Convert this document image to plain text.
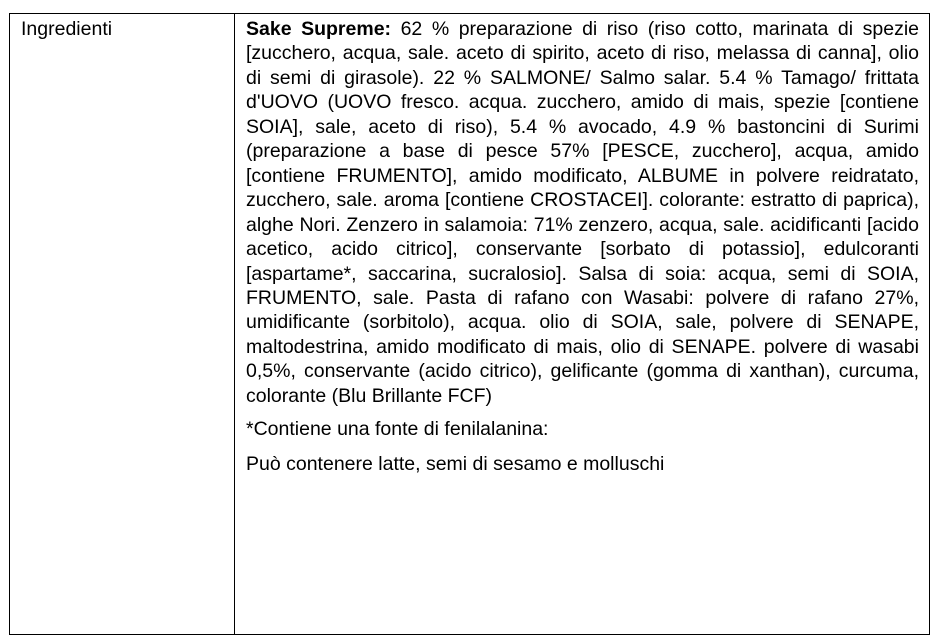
Ingredienti	Sake Supreme: 62 % preparazione di riso (riso cotto, marinata di spezie [zucchero, acqua, sale. aceto di spirito, aceto di riso, melassa di canna], olio di semi di girasole). 22 % SALMONE/ Salmo salar. 5.4 % Tamago/ frittata d'UOVO (UOVO fresco. acqua. zucchero, amido di mais, spezie [contiene SOIA], sale, aceto di riso), 5.4 % avocado, 4.9 % bastoncini di Surimi (preparazione a base di pesce 57% [PESCE, zucchero], acqua, amido [contiene FRUMENTO], amido modificato, ALBUME in polvere reidratato, zucchero, sale. aroma [contiene CROSTACEI]. colorante: estratto di paprica), alghe Nori. Zenzero in salamoia: 71% zenzero, acqua, sale. acidificanti [acido acetico, acido citrico], conservante [sorbato di potassio], edulcoranti [aspartame*, saccarina, sucralosio]. Salsa di soia: acqua, semi di SOIA, FRUMENTO, sale. Pasta di rafano con Wasabi: polvere di rafano 27%, umidificante (sorbitolo), acqua. olio di SOIA, sale, polvere di SENAPE, maltodestrina, amido modificato di mais, olio di SENAPE. polvere di wasabi 0,5%, conservante (acido citrico), gelificante (gomma di xanthan), curcuma, colorante (Blu Brillante FCF)

*Contiene una fonte di fenilalanina:

Può contenere latte, semi di sesamo e molluschi
